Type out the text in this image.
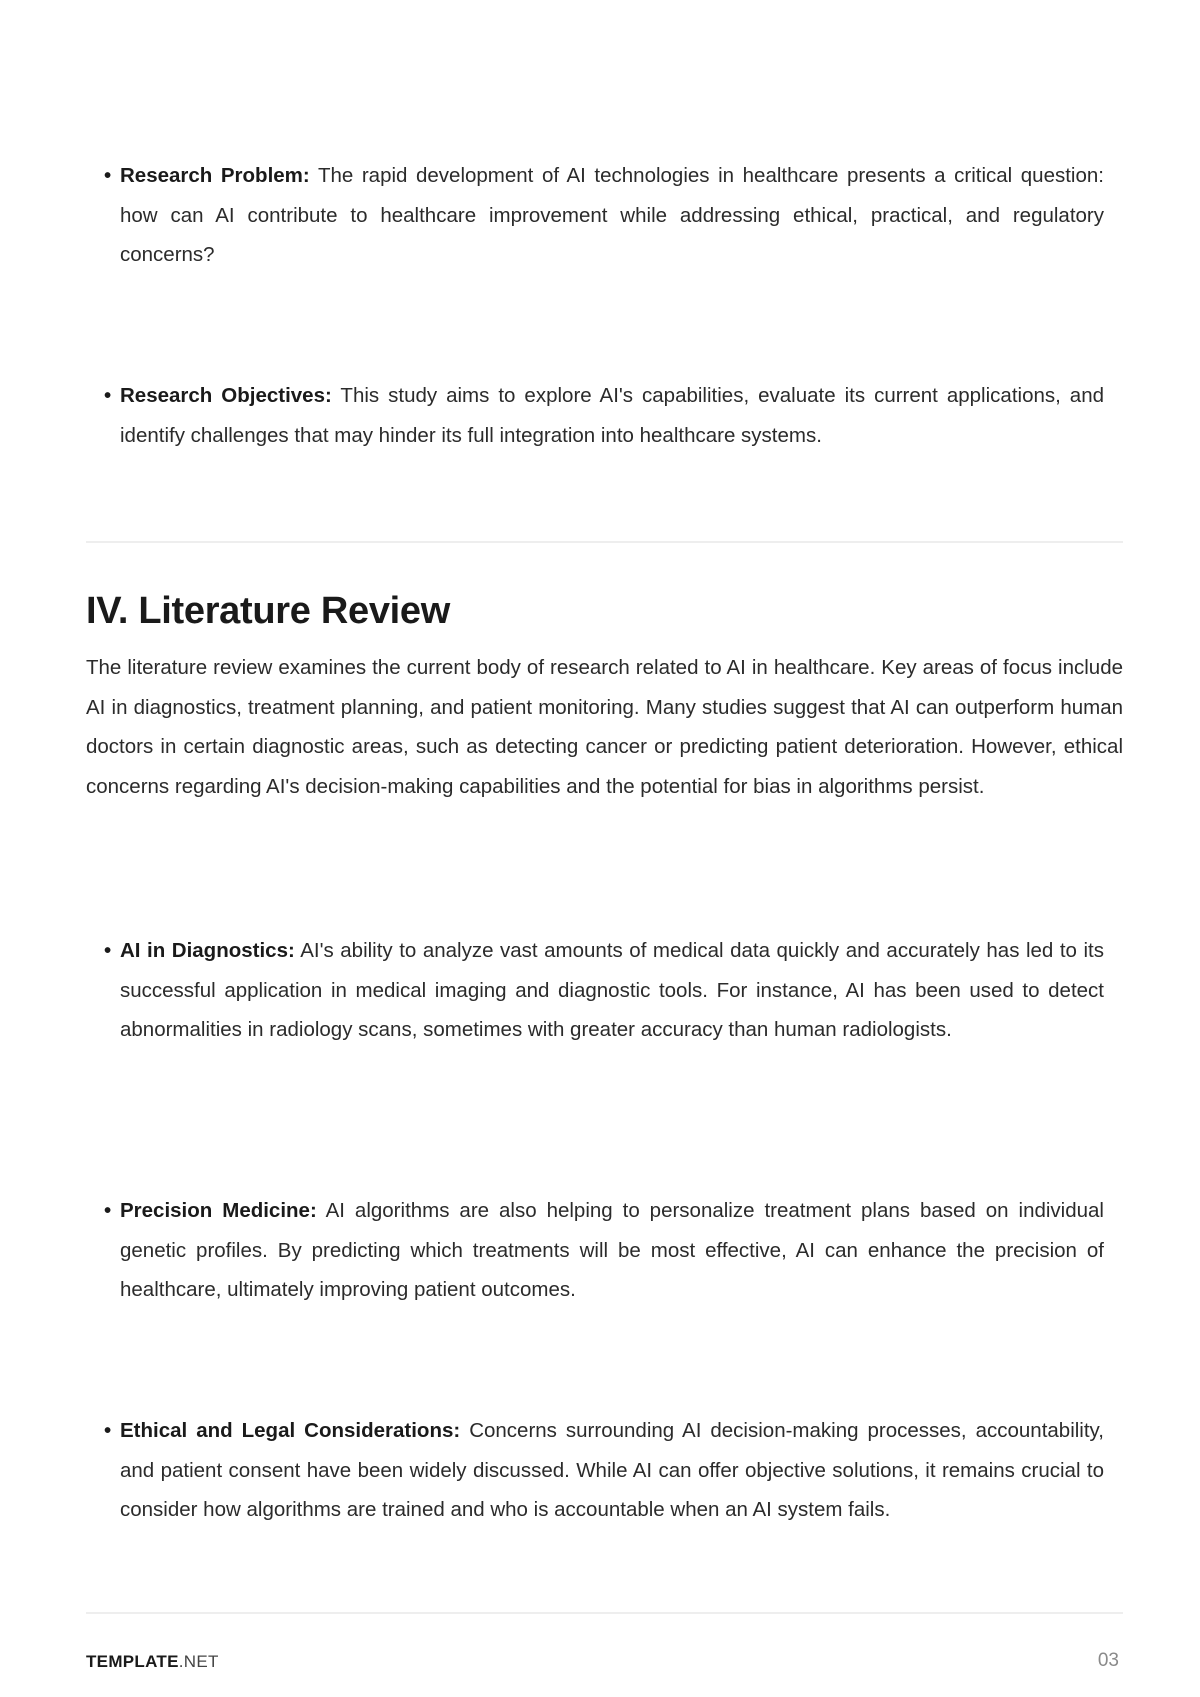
• Research Problem: The rapid development of AI technologies in healthcare presents a critical question: how can AI contribute to healthcare improvement while addressing ethical, practical, and regulatory concerns?
• Research Objectives: This study aims to explore AI's capabilities, evaluate its current applications, and identify challenges that may hinder its full integration into healthcare systems.
IV. Literature Review

The literature review examines the current body of research related to AI in healthcare. Key areas of focus include AI in diagnostics, treatment planning, and patient monitoring. Many studies suggest that AI can outperform human doctors in certain diagnostic areas, such as detecting cancer or predicting patient deterioration. However, ethical concerns regarding AI's decision-making capabilities and the potential for bias in algorithms persist.

• AI in Diagnostics: AI's ability to analyze vast amounts of medical data quickly and accurately has led to its successful application in medical imaging and diagnostic tools. For instance, AI has been used to detect abnormalities in radiology scans, sometimes with greater accuracy than human radiologists.
• Precision Medicine: AI algorithms are also helping to personalize treatment plans based on individual genetic profiles. By predicting which treatments will be most effective, AI can enhance the precision of healthcare, ultimately improving patient outcomes.
• Ethical and Legal Considerations: Concerns surrounding AI decision-making processes, accountability, and patient consent have been widely discussed. While AI can offer objective solutions, it remains crucial to consider how algorithms are trained and who is accountable when an AI system fails.
TEMPLATE.NET	03
